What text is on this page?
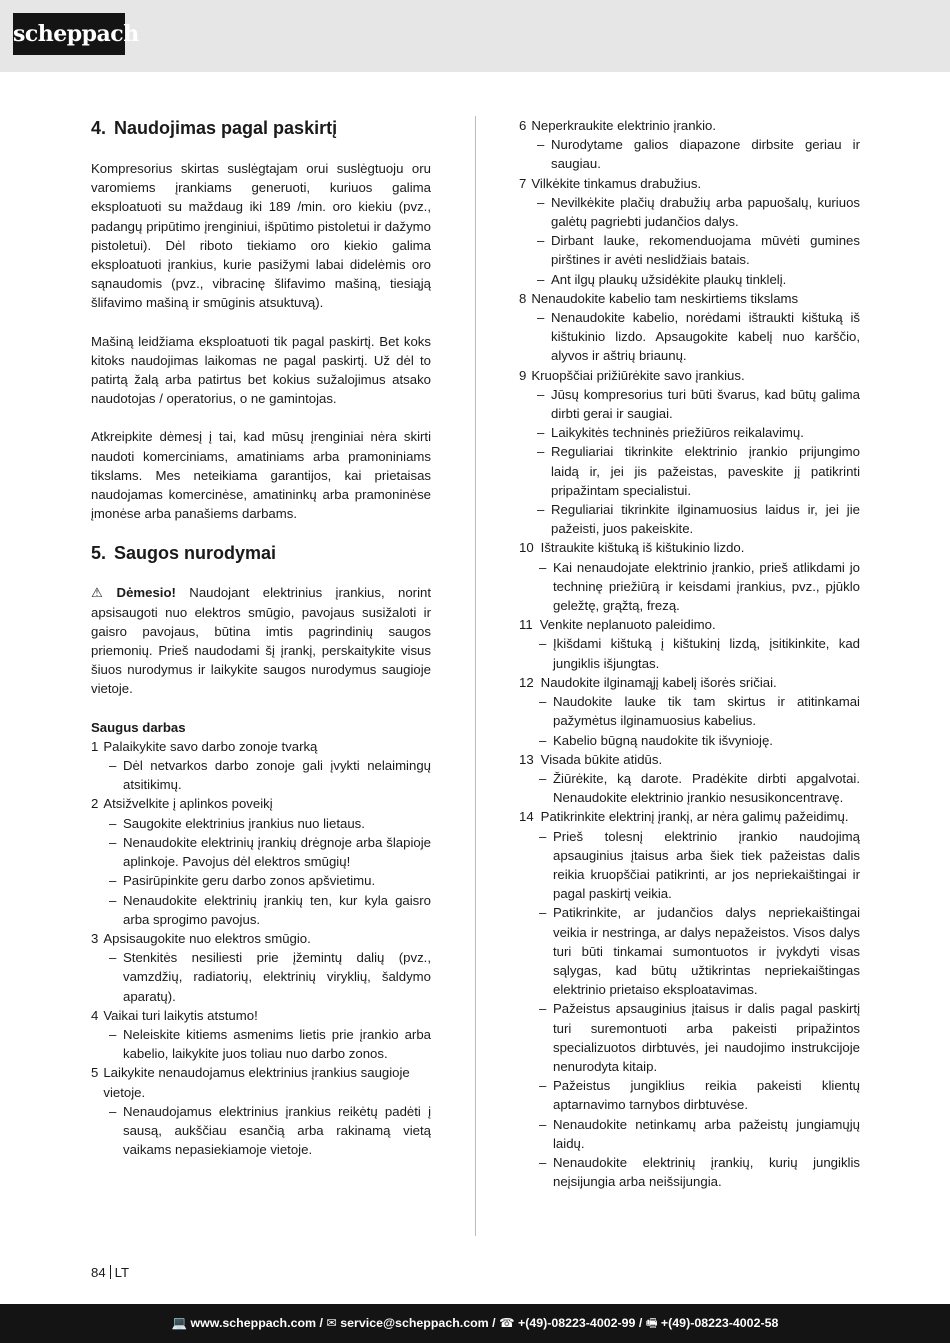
scheppach
4. Naudojimas pagal paskirtį

Kompresorius skirtas suslėgtajam orui suslėgtuoju oru varomiems įrankiams generuoti, kuriuos galima eksploatuoti su maždaug iki 189 /min. oro kiekiu (pvz., padangų pripūtimo įrenginiui, išpūtimo pistoletui ir dažymo pistoletui). Dėl riboto tiekiamo oro kiekio galima eksploatuoti įrankius, kurie pasižymi labai didelėmis oro sąnaudomis (pvz., vibracinę šlifavimo mašiną, tiesiąją šlifavimo mašiną ir smūginis atsuktuvą).

Mašiną leidžiama eksploatuoti tik pagal paskirtį. Bet koks kitoks naudojimas laikomas ne pagal paskirtį. Už dėl to patirtą žalą arba patirtus bet kokius sužalojimus atsako naudotojas / operatorius, o ne gamintojas.

Atkreipkite dėmesį į tai, kad mūsų įrenginiai nėra skirti naudoti komerciniams, amatiniams arba pramoniniams tikslams. Mes neteikiama garantijos, kai prietaisas naudojamas komercinėse, amatininkų arba pramoninėse įmonėse arba panašiems darbams.

5. Saugos nurodymai

⚠ Dėmesio! Naudojant elektrinius įrankius, norint apsisaugoti nuo elektros smūgio, pavojaus susižaloti ir gaisro pavojaus, būtina imtis pagrindinių saugos priemonių. Prieš naudodami šį įrankį, perskaitykite visus šiuos nurodymus ir laikykite saugos nurodymus saugioje vietoje.

Saugus darbas

1 Palaikykite savo darbo zonoje tvarką
– Dėl netvarkos darbo zonoje gali įvykti nelaimingų atsitikimų.
2 Atsižvelkite į aplinkos poveikį
– Saugokite elektrinius įrankius nuo lietaus.
– Nenaudokite elektrinių įrankių drėgnoje arba šlapioje aplinkoje. Pavojus dėl elektros smūgių!
– Pasirūpinkite geru darbo zonos apšvietimu.
– Nenaudokite elektrinių įrankių ten, kur kyla gaisro arba sprogimo pavojus.
3 Apsisaugokite nuo elektros smūgio.
– Stenkitės nesiliesti prie įžemintų dalių (pvz., vamzdžių, radiatorių, elektrinių viryklių, šaldymo aparatų).
4 Vaikai turi laikytis atstumo!
– Neleiskite kitiems asmenims lietis prie įrankio arba kabelio, laikykite juos toliau nuo darbo zonos.
5 Laikykite nenaudojamus elektrinius įrankius saugioje vietoje.
– Nenaudojamus elektrinius įrankius reikėtų padėti į sausą, aukščiau esančią arba rakinamą vietą vaikams nepasiekiamoje vietoje.
6 Neperkraukite elektrinio įrankio.
– Nurodytame galios diapazone dirbsite geriau ir saugiau.
7 Vilkėkite tinkamus drabužius.
– Nevilkėkite plačių drabužių arba papuošalų, kuriuos galėtų pagriebti judančios dalys.
– Dirbant lauke, rekomenduojama mūvėti gumines pirštines ir avėti neslidžiais batais.
– Ant ilgų plaukų užsidėkite plaukų tinklelį.
8 Nenaudokite kabelio tam neskirtiems tikslams
– Nenaudokite kabelio, norėdami ištraukti kištuką iš kištukinio lizdo. Apsaugokite kabelį nuo karščio, alyvos ir aštrių briaunų.
9 Kruopščiai prižiūrėkite savo įrankius.
– Jūsų kompresorius turi būti švarus, kad būtų galima dirbti gerai ir saugiai.
– Laikykitės techninės priežiūros reikalavimų.
– Reguliariai tikrinkite elektrinio įrankio prijungimo laidą ir, jei jis pažeistas, paveskite jį patikrinti pripažintam specialistui.
– Reguliariai tikrinkite ilginamuosius laidus ir, jei jie pažeisti, juos pakeiskite.
10 Ištraukite kištuką iš kištukinio lizdo.
– Kai nenaudojate elektrinio įrankio, prieš atlikdami jo techninę priežiūrą ir keisdami įrankius, pvz., pjūklo geležtę, grąžtą, frezą.
11 Venkite neplanuoto paleidimo.
– Įkišdami kištuką į kištukinį lizdą, įsitikinkite, kad jungiklis išjungtas.
12 Naudokite ilginamąjį kabelį išorės sričiai.
– Naudokite lauke tik tam skirtus ir atitinkamai pažymėtus ilginamuosius kabelius.
– Kabelio būgną naudokite tik išvynioję.
13 Visada būkite atidūs.
– Žiūrėkite, ką darote. Pradėkite dirbti apgalvotai. Nenaudokite elektrinio įrankio nesusikoncentravę.
14 Patikrinkite elektrinį įrankį, ar nėra galimų pažeidimų.
– Prieš tolesnį elektrinio įrankio naudojimą apsauginius įtaisus arba šiek tiek pažeistas dalis reikia kruopščiai patikrinti, ar jos nepriekaištingai ir pagal paskirtį veikia.
– Patikrinkite, ar judančios dalys nepriekaištingai veikia ir nestringa, ar dalys nepažeistos. Visos dalys turi būti tinkamai sumontuotos ir įvykdyti visas sąlygas, kad būtų užtikrintas nepriekaištingas elektrinio prietaiso eksploatavimas.
– Pažeistus apsauginius įtaisus ir dalis pagal paskirtį turi suremontuoti arba pakeisti pripažintos specializuotos dirbtuvės, jei naudojimo instrukcijoje nenurodyta kitaip.
– Pažeistus jungiklius reikia pakeisti klientų aptarnavimo tarnybos dirbtuvėse.
– Nenaudokite netinkamų arba pažeistų jungiamųjų laidų.
– Nenaudokite elektrinių įrankių, kurių jungiklis neįsijungia arba neišsijungia.
84 LT
💻 www.scheppach.com / ✉ service@scheppach.com / ☎ +(49)-08223-4002-99 / 🖷 +(49)-08223-4002-58
